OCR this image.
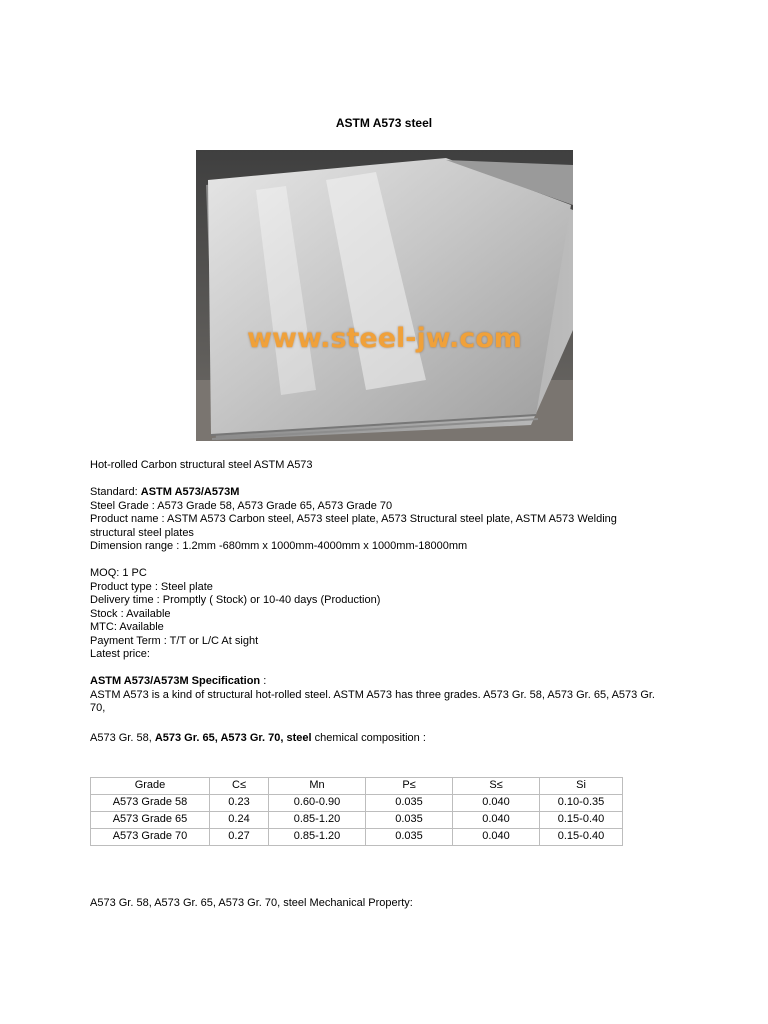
ASTM A573 steel
www.steel-jw.com

Hot-rolled Carbon structural steel ASTM A573

Standard: ASTM A573/A573M

Steel Grade : A573 Grade 58, A573 Grade 65, A573 Grade 70

Product name : ASTM A573 Carbon steel, A573 steel plate, A573 Structural steel plate, ASTM A573 Welding

structural steel plates

Dimension range : 1.2mm -680mm x 1000mm-4000mm x 1000mm-18000mm

MOQ: 1 PC

Product type : Steel plate

Delivery time : Promptly ( Stock) or 10-40 days (Production)

Stock : Available

MTC: Available

Payment Term : T/T or L/C At sight

Latest price:

ASTM A573/A573M Specification :

ASTM A573 is a kind of structural hot-rolled steel. ASTM A573 has three grades. A573 Gr. 58, A573 Gr. 65, A573 Gr.

70,

A573 Gr. 58, A573 Gr. 65, A573 Gr. 70, steel chemical composition :

Grade	C≤	Mn	P≤	S≤	Si
A573 Grade 58	0.23	0.60-0.90	0.035	0.040	0.10-0.35
A573 Grade 65	0.24	0.85-1.20	0.035	0.040	0.15-0.40
A573 Grade 70	0.27	0.85-1.20	0.035	0.040	0.15-0.40

A573 Gr. 58, A573 Gr. 65, A573 Gr. 70, steel Mechanical Property:
